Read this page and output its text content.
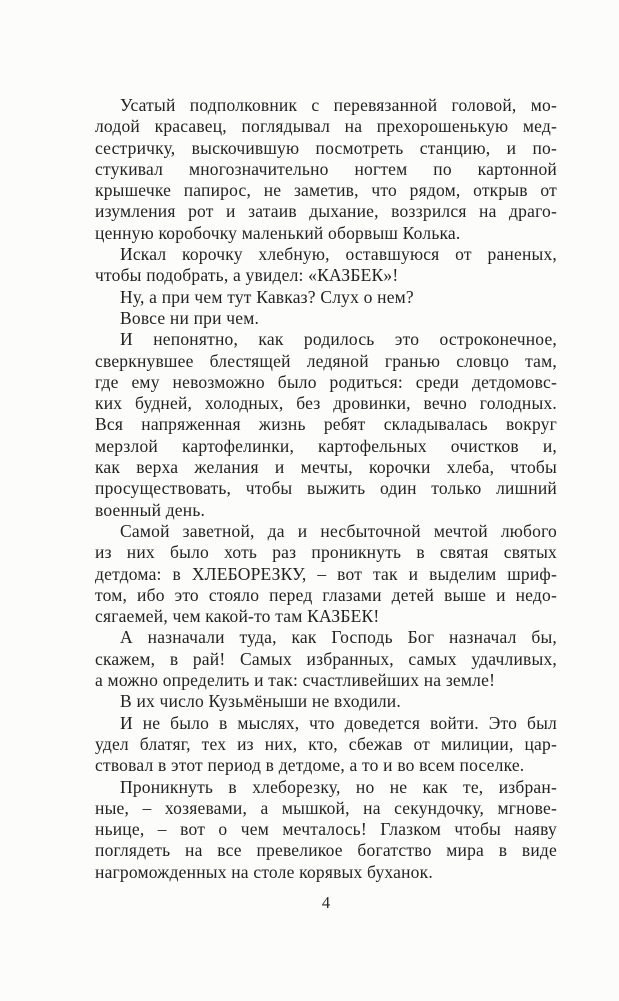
Усатый подполковник с перевязанной головой, мо-
лодой красавец, поглядывал на прехорошенькую мед-
сестричку, выскочившую посмотреть станцию, и по-
стукивал многозначительно ногтем по картонной
крышечке папирос, не заметив, что рядом, открыв от
изумления рот и затаив дыхание, воззрился на драго-
ценную коробочку маленький оборвыш Колька.
Искал корочку хлебную, оставшуюся от раненых,
чтобы подобрать, а увидел: «КАЗБЕК»!
Ну, а при чем тут Кавказ? Слух о нем?
Вовсе ни при чем.
И непонятно, как родилось это остроконечное,
сверкнувшее блестящей ледяной гранью словцо там,
где ему невозможно было родиться: среди детдомовс-
ких будней, холодных, без дровинки, вечно голодных.
Вся напряженная жизнь ребят складывалась вокруг
мерзлой картофелинки, картофельных очистков и,
как верха желания и мечты, корочки хлеба, чтобы
просуществовать, чтобы выжить один только лишний
военный день.
Самой заветной, да и несбыточной мечтой любого
из них было хоть раз проникнуть в святая святых
детдома: в ХЛЕБОРЕЗКУ, – вот так и выделим шриф-
том, ибо это стояло перед глазами детей выше и недо-
сягаемей, чем какой-то там КАЗБЕК!
А назначали туда, как Господь Бог назначал бы,
скажем, в рай! Самых избранных, самых удачливых,
а можно определить и так: счастливейших на земле!
В их число Кузьмёныши не входили.
И не было в мыслях, что доведется войти. Это был
удел блатяг, тех из них, кто, сбежав от милиции, цар-
ствовал в этот период в детдоме, а то и во всем поселке.
Проникнуть в хлеборезку, но не как те, избран-
ные, – хозяевами, а мышкой, на секундочку, мгнове-
ньице, – вот о чем мечталось! Глазком чтобы наяву
поглядеть на все превеликое богатство мира в виде
нагроможденных на столе корявых буханок.
4
